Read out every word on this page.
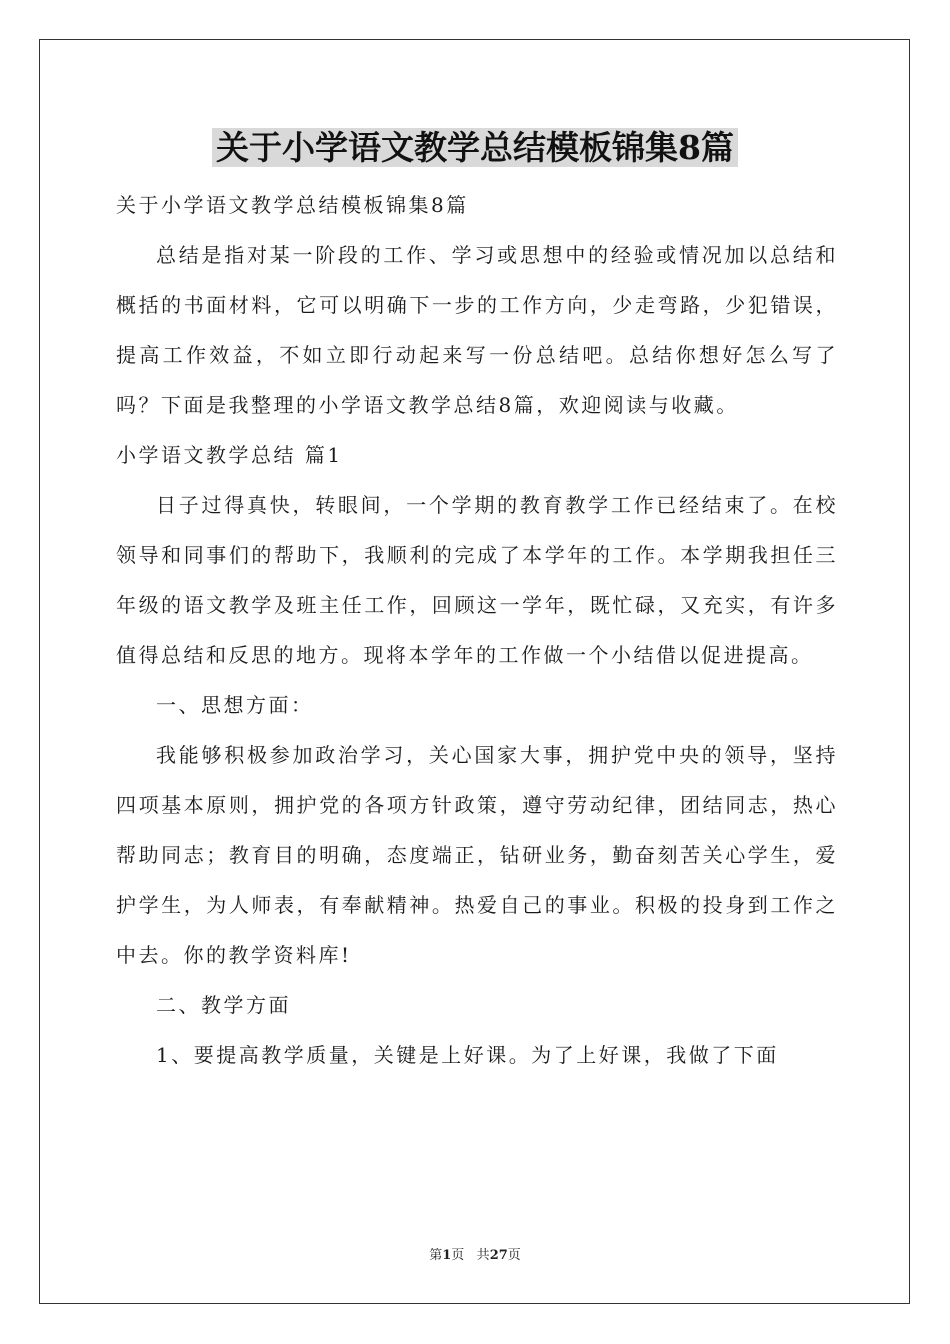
关于小学语文教学总结模板锦集8篇

关于小学语文教学总结模板锦集8篇

总结是指对某一阶段的工作、学习或思想中的经验或情况加以总结和概括的书面材料，它可以明确下一步的工作方向，少走弯路，少犯错误，提高工作效益，不如立即行动起来写一份总结吧。总结你想好怎么写了吗？下面是我整理的小学语文教学总结8篇，欢迎阅读与收藏。

小学语文教学总结 篇1

日子过得真快，转眼间，一个学期的教育教学工作已经结束了。在校领导和同事们的帮助下，我顺利的完成了本学年的工作。本学期我担任三年级的语文教学及班主任工作，回顾这一学年，既忙碌，又充实，有许多值得总结和反思的地方。现将本学年的工作做一个小结借以促进提高。

一、思想方面：

我能够积极参加政治学习，关心国家大事，拥护党中央的领导，坚持四项基本原则，拥护党的各项方针政策，遵守劳动纪律，团结同志，热心帮助同志；教育目的明确，态度端正，钻研业务，勤奋刻苦关心学生，爱护学生，为人师表，有奉献精神。热爱自己的事业。积极的投身到工作之中去。你的教学资料库!

二、教学方面

1、要提高教学质量，关键是上好课。为了上好课，我做了下面

第1页 共27页
